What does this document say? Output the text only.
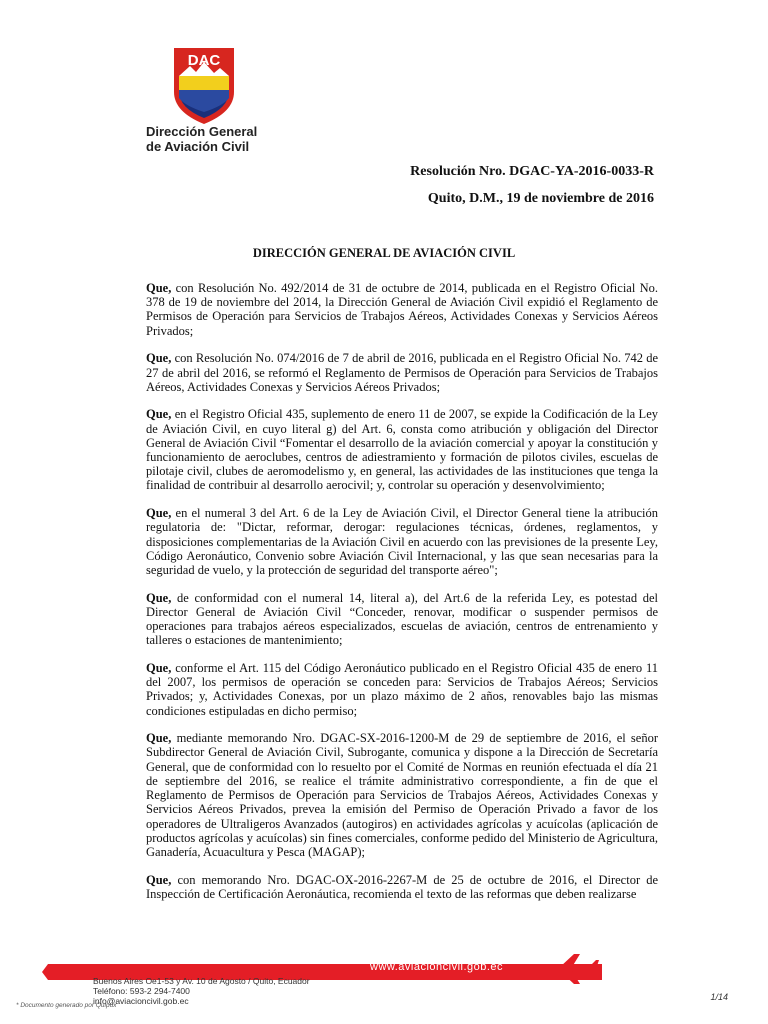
DAC
Dirección General
de Aviación Civil
Resolución Nro. DGAC-YA-2016-0033-R
Quito, D.M., 19 de noviembre de 2016
DIRECCIÓN GENERAL DE AVIACIÓN CIVIL

Que, con Resolución No. 492/2014 de 31 de octubre de 2014, publicada en el Registro Oficial No. 378 de 19 de noviembre del 2014, la Dirección General de Aviación Civil expidió el Reglamento de Permisos de Operación para Servicios de Trabajos Aéreos, Actividades Conexas y Servicios Aéreos Privados;

Que, con Resolución No. 074/2016 de 7 de abril de 2016, publicada en el Registro Oficial No. 742 de 27 de abril del 2016, se reformó el Reglamento de Permisos de Operación para Servicios de Trabajos Aéreos, Actividades Conexas y Servicios Aéreos Privados;

Que, en el Registro Oficial 435, suplemento de enero 11 de 2007, se expide la Codificación de la Ley de Aviación Civil, en cuyo literal g) del Art. 6, consta como atribución y obligación del Director General de Aviación Civil “Fomentar el desarrollo de la aviación comercial y apoyar la constitución y funcionamiento de aeroclubes, centros de adiestramiento y formación de pilotos civiles, escuelas de pilotaje civil, clubes de aeromodelismo y, en general, las actividades de las instituciones que tenga la finalidad de contribuir al desarrollo aerocivil; y, controlar su operación y desenvolvimiento;

Que, en el numeral 3 del Art. 6 de la Ley de Aviación Civil, el Director General tiene la atribución regulatoria de: "Dictar, reformar, derogar: regulaciones técnicas, órdenes, reglamentos, y disposiciones complementarias de la Aviación Civil en acuerdo con las previsiones de la presente Ley, Código Aeronáutico, Convenio sobre Aviación Civil Internacional, y las que sean necesarias para la seguridad de vuelo, y la protección de seguridad del transporte aéreo";

Que, de conformidad con el numeral 14, literal a), del Art.6 de la referida Ley, es potestad del Director General de Aviación Civil “Conceder, renovar, modificar o suspender permisos de operaciones para trabajos aéreos especializados, escuelas de aviación, centros de entrenamiento y talleres o estaciones de mantenimiento;

Que, conforme el Art. 115 del Código Aeronáutico publicado en el Registro Oficial 435 de enero 11 del 2007, los permisos de operación se conceden para: Servicios de Trabajos Aéreos; Servicios Privados; y, Actividades Conexas, por un plazo máximo de 2 años, renovables bajo las mismas condiciones estipuladas en dicho permiso;

Que, mediante memorando Nro. DGAC-SX-2016-1200-M de 29 de septiembre de 2016, el señor Subdirector General de Aviación Civil, Subrogante, comunica y dispone a la Dirección de Secretaría General, que de conformidad con lo resuelto por el Comité de Normas en reunión efectuada el día 21 de septiembre del 2016, se realice el trámite administrativo correspondiente, a fin de que el Reglamento de Permisos de Operación para Servicios de Trabajos Aéreos, Actividades Conexas y Servicios Aéreos Privados, prevea la emisión del Permiso de Operación Privado a favor de los operadores de Ultraligeros Avanzados (autogiros) en actividades agrícolas y acuícolas (aplicación de productos agrícolas y acuícolas) sin fines comerciales, conforme pedido del Ministerio de Agricultura, Ganadería, Acuacultura y Pesca (MAGAP);

Que, con memorando Nro. DGAC-OX-2016-2267-M de 25 de octubre de 2016, el Director de Inspección de Certificación Aeronáutica, recomienda el texto de las reformas que deben realizarse

www.aviacioncivil.gob.ec
Buenos Aires Oe1-53 y Av. 10 de Agosto / Quito, Ecuador
Teléfono: 593-2 294-7400
info@aviacioncivil.gob.ec
* Documento generado por Quipux
1/14
